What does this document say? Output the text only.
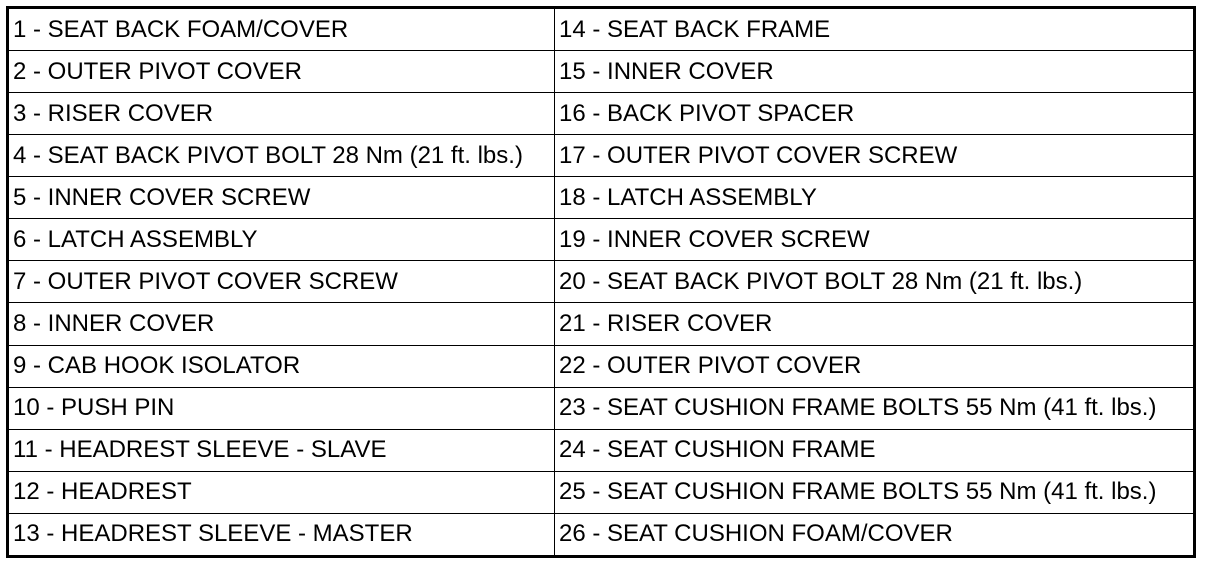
1 - SEAT BACK FOAM/COVER	14 - SEAT BACK FRAME
2 - OUTER PIVOT COVER	15 - INNER COVER
3 - RISER COVER	16 - BACK PIVOT SPACER
4 - SEAT BACK PIVOT BOLT 28 Nm (21 ft. lbs.)	17 - OUTER PIVOT COVER SCREW
5 - INNER COVER SCREW	18 - LATCH ASSEMBLY
6 - LATCH ASSEMBLY	19 - INNER COVER SCREW
7 - OUTER PIVOT COVER SCREW	20 - SEAT BACK PIVOT BOLT 28 Nm (21 ft. lbs.)
8 - INNER COVER	21 - RISER COVER
9 - CAB HOOK ISOLATOR	22 - OUTER PIVOT COVER
10 - PUSH PIN	23 - SEAT CUSHION FRAME BOLTS 55 Nm (41 ft. lbs.)
11 - HEADREST SLEEVE - SLAVE	24 - SEAT CUSHION FRAME
12 - HEADREST	25 - SEAT CUSHION FRAME BOLTS 55 Nm (41 ft. lbs.)
13 - HEADREST SLEEVE - MASTER	26 - SEAT CUSHION FOAM/COVER
